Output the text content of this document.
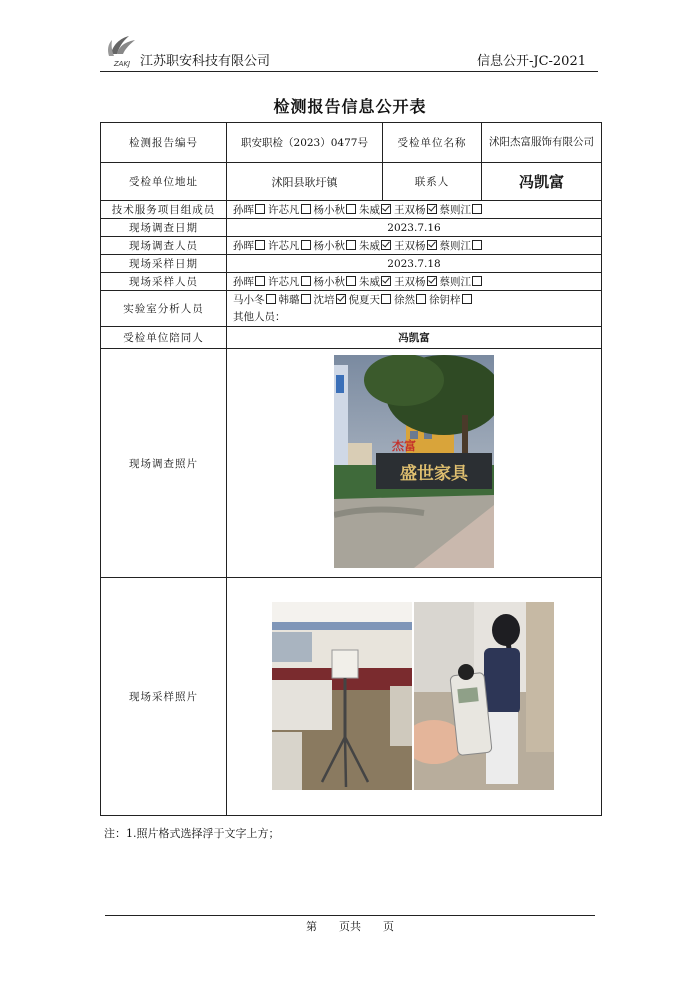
ZAKJ 江苏职安科技有限公司	信息公开-JC-2021
检测报告信息公开表
检测报告编号	职安职检（2023）0477号	受检单位名称	沭阳杰富服饰有限公司
受检单位地址	沭阳县耿圩镇	联系人	冯凯富
技术服务项目组成员	孙晖 许芯凡 杨小秋 朱威 王双杨 蔡则江		
现场调查日期	2023.7.16		
现场调查人员	孙晖 许芯凡 杨小秋 朱威 王双杨 蔡则江		
现场采样日期	2023.7.18		
现场采样人员	孙晖 许芯凡 杨小秋 朱威 王双杨 蔡则江		
实验室分析人员	马小冬 韩璐 沈培 倪夏天 徐然 徐钥梓
其他人员：		

受检单位陪同人	冯凯富		
现场调查照片	杰富
盛世家具		

现场采样照片	
注：1.照片格式选择浮于文字上方；
第　　页共　　页
